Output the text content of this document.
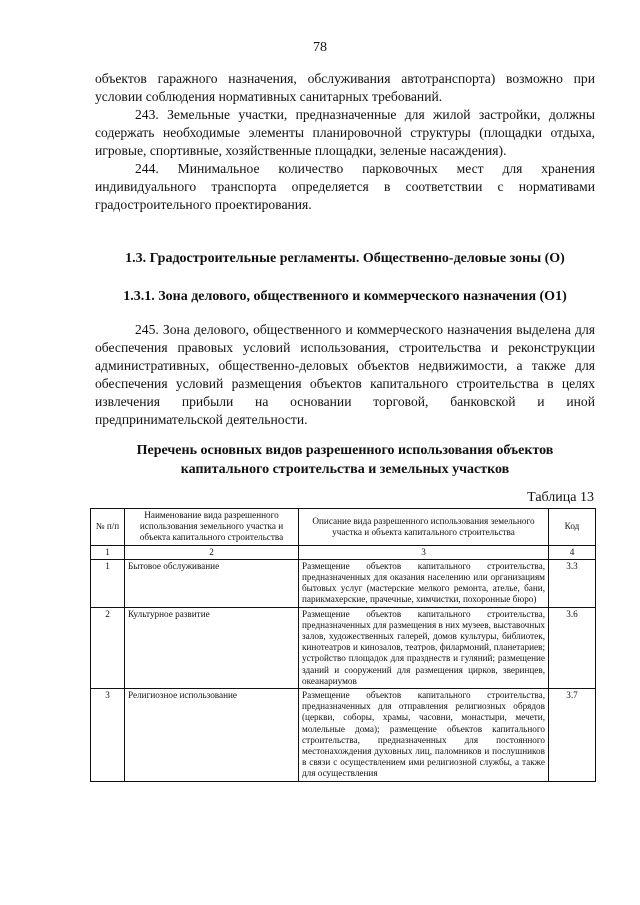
78

объектов гаражного назначения, обслуживания автотранспорта) возможно при условии соблюдения нормативных санитарных требований.

243. Земельные участки, предназначенные для жилой застройки, должны содержать необходимые элементы планировочной структуры (площадки отдыха, игровые, спортивные, хозяйственные площадки, зеленые насаждения).

244. Минимальное количество парковочных мест для хранения индивидуального транспорта определяется в соответствии с нормативами градостроительного проектирования.

1.3. Градостроительные регламенты. Общественно-деловые зоны (О)
1.3.1. Зона делового, общественного и коммерческого назначения (О1)

245. Зона делового, общественного и коммерческого назначения выделена для обеспечения правовых условий использования, строительства и реконструкции административных, общественно-деловых объектов недвижимости, а также для обеспечения условий размещения объектов капитального строительства в целях извлечения прибыли на основании торговой, банковской и иной предпринимательской деятельности.

Перечень основных видов разрешенного использования объектов
капитального строительства и земельных участков
Таблица 13
№ п/п	Наименование вида разрешенного использования земельного участка и объекта капитального строительства	Описание вида разрешенного использования земельного участка и объекта капитального строительства	Код
1	2	3	4
1	Бытовое обслуживание	Размещение объектов капитального строительства, предназначенных для оказания населению или организациям бытовых услуг (мастерские мелкого ремонта, ателье, бани, парикмахерские, прачечные, химчистки, похоронные бюро)	3.3
2	Культурное развитие	Размещение объектов капитального строительства, предназначенных для размещения в них музеев, выставочных залов, художественных галерей, домов культуры, библиотек, кинотеатров и кинозалов, театров, филармоний, планетариев; устройство площадок для празднеств и гуляний; размещение зданий и сооружений для размещения цирков, зверинцев, океанариумов	3.6
3	Религиозное использование	Размещение объектов капитального строительства, предназначенных для отправления религиозных обрядов (церкви, соборы, храмы, часовни, монастыри, мечети, молельные дома); размещение объектов капитального строительства, предназначенных для постоянного местонахождения духовных лиц, паломников и послушников в связи с осуществлением ими религиозной службы, а также для осуществления	3.7
